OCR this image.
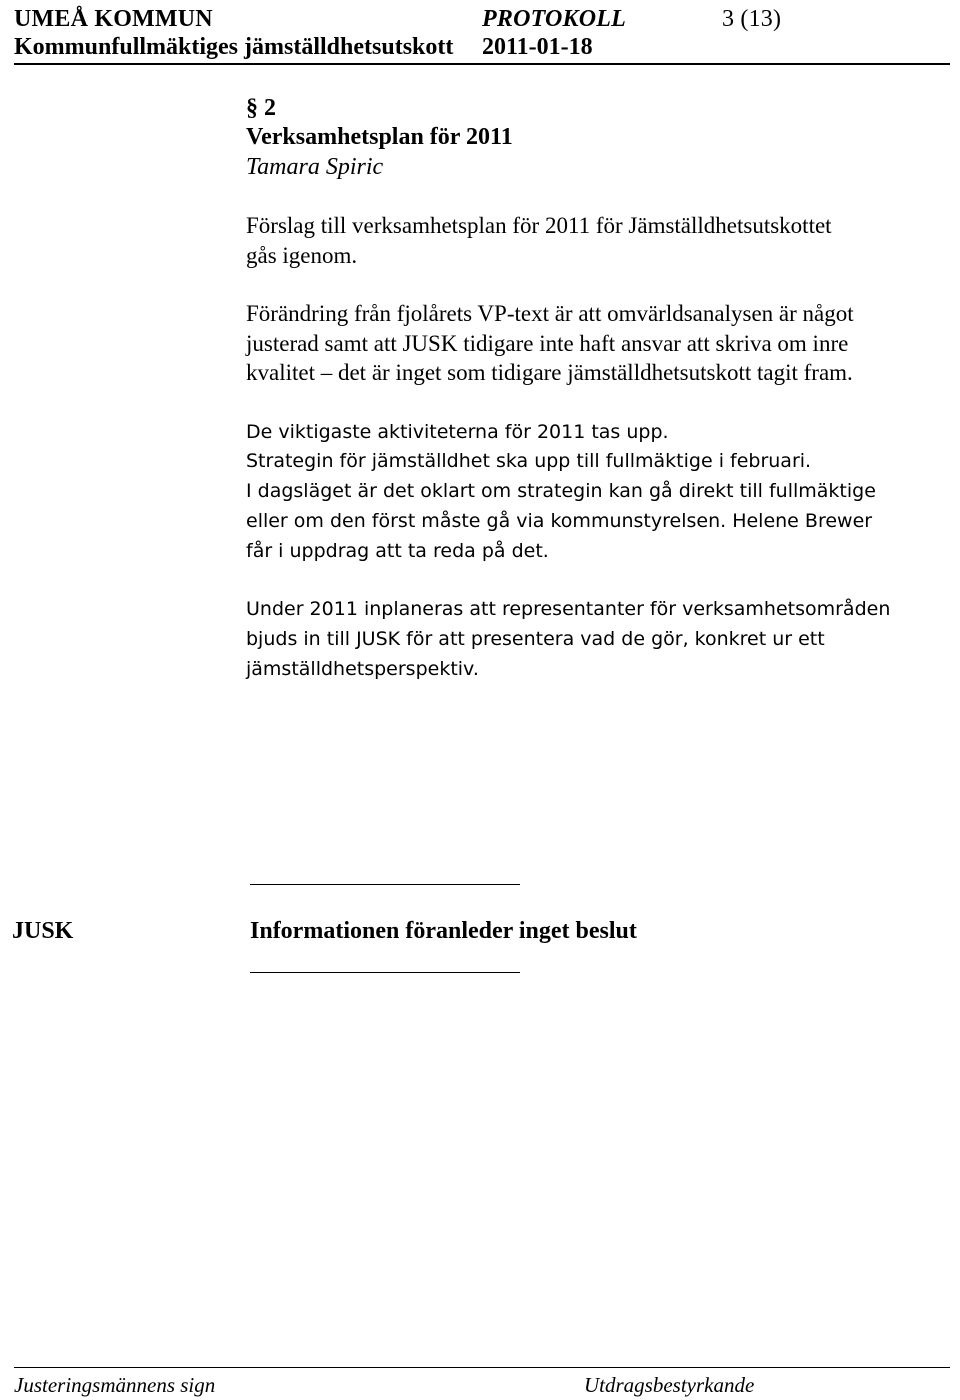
UMEÅ KOMMUN	PROTOKOLL	3 (13)
Kommunfullmäktiges jämställdhetsutskott 2011-01-18
§ 2
Verksamhetsplan för 2011
Tamara Spiric

Förslag till verksamhetsplan för 2011 för Jämställdhetsutskottet
gås igenom.

Förändring från fjolårets VP-text är att omvärldsanalysen är något
justerad samt att JUSK tidigare inte haft ansvar att skriva om inre
kvalitet – det är inget som tidigare jämställdhetsutskott tagit fram.

De viktigaste aktiviteterna för 2011 tas upp.

Strategin för jämställdhet ska upp till fullmäktige i februari.
I dagsläget är det oklart om strategin kan gå direkt till fullmäktige
eller om den först måste gå via kommunstyrelsen. Helene Brewer
får i uppdrag att ta reda på det.

Under 2011 inplaneras att representanter för verksamhetsområden
bjuds in till JUSK för att presentera vad de gör, konkret ur ett
jämställdhetsperspektiv.

JUSK	Informationen föranleder inget beslut
Justeringsmännens sign	Utdragsbestyrkande
